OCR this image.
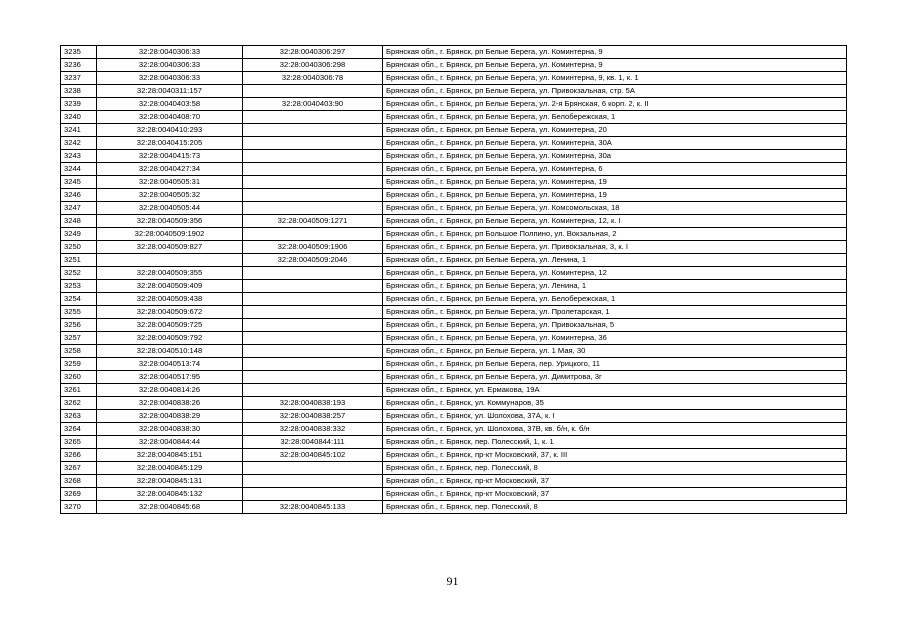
3235	32:28:0040306:33	32:28:0040306:297	Брянская обл., г. Брянск, рп Белые Берега, ул. Коминтерна, 9
3236	32:28:0040306:33	32:28:0040306:298	Брянская обл., г. Брянск, рп Белые Берега, ул. Коминтерна, 9
3237	32:28:0040306:33	32:28:0040306:78	Брянская обл., г. Брянск, рп Белые Берега, ул. Коминтерна, 9, кв. 1, к. 1
3238	32:28:0040311:157		Брянская обл., г. Брянск, рп Белые Берега, ул. Привокзальная, стр. 5А
3239	32:28:0040403:58	32:28:0040403:90	Брянская обл., г. Брянск, рп Белые Берега, ул. 2-я Брянская, 6 корп. 2, к. II
3240	32:28:0040408:70		Брянская обл., г. Брянск, рп Белые Берега, ул. Белобережская, 1
3241	32:28:0040410:293		Брянская обл., г. Брянск, рп Белые Берега, ул. Коминтерна, 20
3242	32:28:0040415:205		Брянская обл., г. Брянск, рп Белые Берега, ул. Коминтерна, 30А
3243	32:28:0040415:73		Брянская обл., г. Брянск, рп Белые Берега, ул. Коминтерна, 30а
3244	32:28:0040427:34		Брянская обл., г. Брянск, рп Белые Берега, ул. Коминтерна, 6
3245	32:28:0040505:31		Брянская обл., г. Брянск, рп Белые Берега, ул. Коминтерна, 19
3246	32:28:0040505:32		Брянская обл., г. Брянск, рп Белые Берега, ул. Коминтерна, 19
3247	32:28:0040505:44		Брянская обл., г. Брянск, рп Белые Берега, ул. Комсомольская, 18
3248	32:28:0040509:356	32:28:0040509:1271	Брянская обл., г. Брянск, рп Белые Берега, ул. Коминтерна, 12, к. I
3249	32:28:0040509:1902		Брянская обл., г. Брянск, рп Большое Полпино, ул. Вокзальная, 2
3250	32:28:0040509:827	32:28:0040509:1906	Брянская обл., г. Брянск, рп Белые Берега, ул. Привокзальная, 3, к. I
3251		32:28:0040509:2046	Брянская обл., г. Брянск, рп Белые Берега, ул. Ленина, 1
3252	32:28:0040509:355		Брянская обл., г. Брянск, рп Белые Берега, ул. Коминтерна, 12
3253	32:28:0040509:409		Брянская обл., г. Брянск, рп Белые Берега, ул. Ленина, 1
3254	32:28:0040509:438		Брянская обл., г. Брянск, рп Белые Берега, ул. Белобережская, 1
3255	32:28:0040509:672		Брянская обл., г. Брянск, рп Белые Берега, ул. Пролетарская, 1
3256	32:28:0040509:725		Брянская обл., г. Брянск, рп Белые Берега, ул. Привокзальная, 5
3257	32:28:0040509:792		Брянская обл., г. Брянск, рп Белые Берега, ул. Коминтерна, 36
3258	32:28:0040510:148		Брянская обл., г. Брянск, рп Белые Берега, ул. 1 Мая, 30
3259	32:28:0040513:74		Брянская обл., г. Брянск, рп Белые Берега, пер. Урицкого, 11
3260	32:28:0040517:95		Брянская обл., г. Брянск, рп Белые Берега, ул. Димитрова, 3г
3261	32:28:0040814:26		Брянская обл., г. Брянск, ул. Ермакова, 19А
3262	32:28:0040838:26	32:28:0040838:193	Брянская обл., г. Брянск, ул. Коммунаров, 35
3263	32:28:0040838:29	32:28:0040838:257	Брянская обл., г. Брянск, ул. Шолохова, 37А, к. I
3264	32:28:0040838:30	32:28:0040838:332	Брянская обл., г. Брянск, ул. Шолохова, 37В, кв. б/н, к. б/н
3265	32:28:0040844:44	32:28:0040844:111	Брянская обл., г. Брянск, пер. Полесский, 1, к. 1
3266	32:28:0040845:151	32:28:0040845:102	Брянская обл., г. Брянск, пр-кт Московский, 37, к. III
3267	32:28:0040845:129		Брянская обл., г. Брянск, пер. Полесский, 8
3268	32:28:0040845:131		Брянская обл., г. Брянск, пр-кт Московский, 37
3269	32:28:0040845:132		Брянская обл., г. Брянск, пр-кт Московский, 37
3270	32:28:0040845:68	32:28:0040845:133	Брянская обл., г. Брянск, пер. Полесский, 8
91
